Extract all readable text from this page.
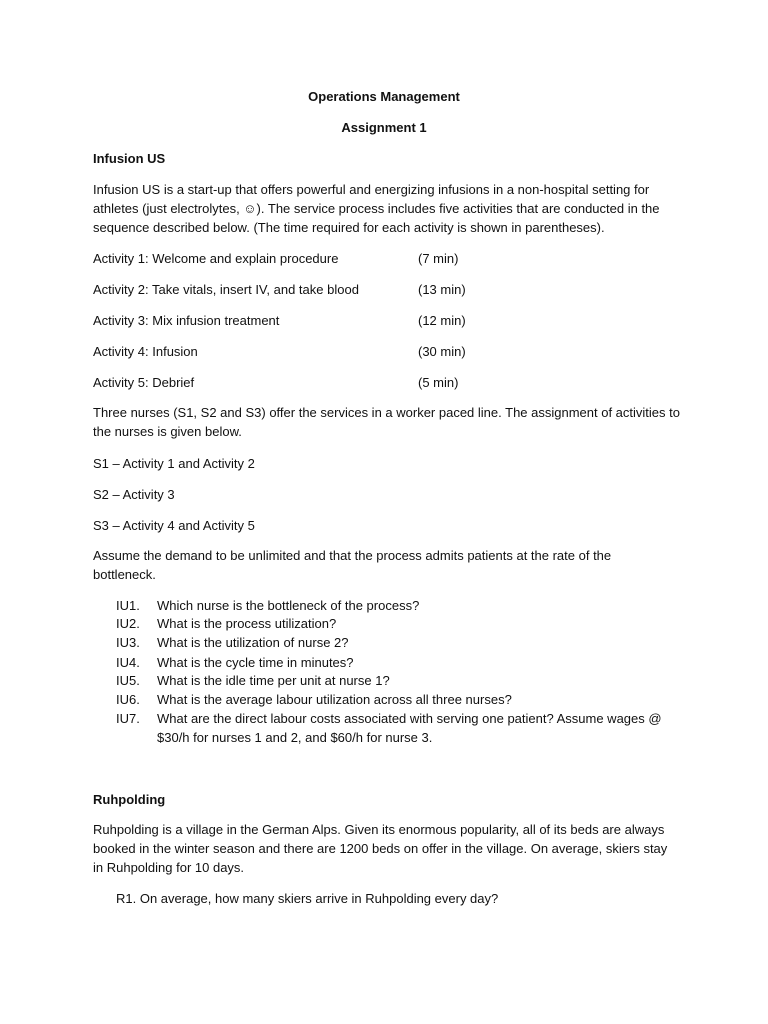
Operations Management
Assignment 1
Infusion US
Infusion US is a start-up that offers powerful and energizing infusions in a non-hospital setting for
athletes (just electrolytes, ☺). The service process includes five activities that are conducted in the
sequence described below. (The time required for each activity is shown in parentheses).
Activity 1: Welcome and explain procedure	(7 min)
Activity 2: Take vitals, insert IV, and take blood	(13 min)
Activity 3: Mix infusion treatment	(12 min)
Activity 4: Infusion	(30 min)
Activity 5: Debrief	(5 min)
Three nurses (S1, S2 and S3) offer the services in a worker paced line. The assignment of activities to
the nurses is given below.
S1 – Activity 1 and Activity 2
S2 – Activity 3
S3 – Activity 4 and Activity 5
Assume the demand to be unlimited and that the process admits patients at the rate of the
bottleneck.
IU1. Which nurse is the bottleneck of the process?
IU2. What is the process utilization?
IU3. What is the utilization of nurse 2?
IU4. What is the cycle time in minutes?
IU5. What is the idle time per unit at nurse 1?
IU6. What is the average labour utilization across all three nurses?
IU7. What are the direct labour costs associated with serving one patient? Assume wages @
$30/h for nurses 1 and 2, and $60/h for nurse 3.
Ruhpolding
Ruhpolding is a village in the German Alps. Given its enormous popularity, all of its beds are always
booked in the winter season and there are 1200 beds on offer in the village. On average, skiers stay
in Ruhpolding for 10 days.
R1. On average, how many skiers arrive in Ruhpolding every day?
